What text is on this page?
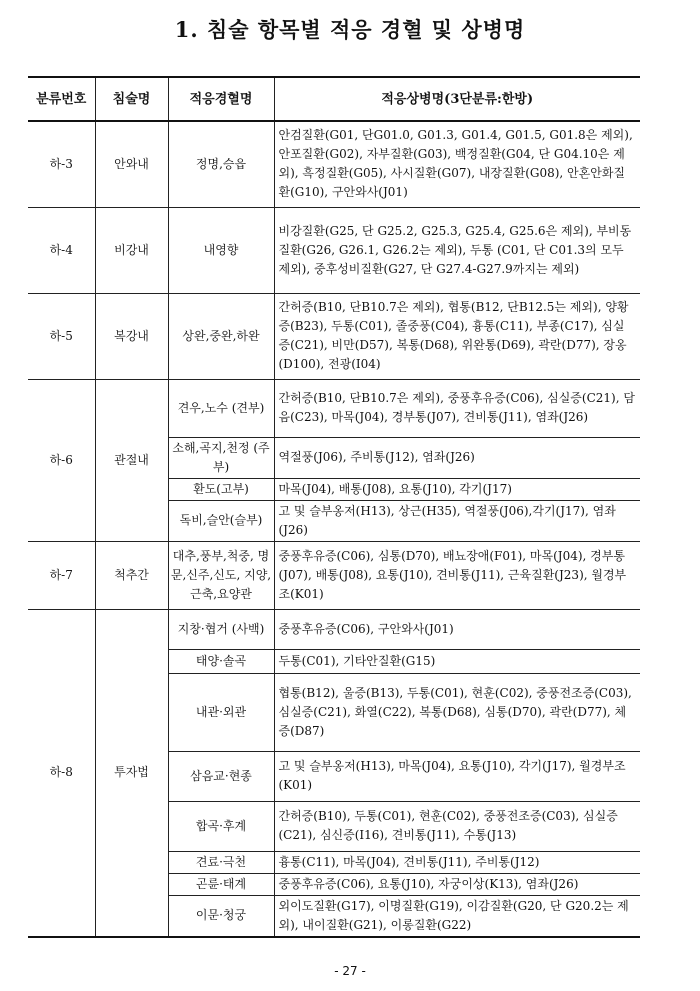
1. 침술 항목별 적응 경혈 및 상병명
분류번호	침술명	적응경혈명	적응상병명(3단분류:한방)
하-3	안와내	정명,승읍	안검질환(G01, 단G01.0, G01.3, G01.4, G01.5, G01.8은 제외), 안포질환(G02), 자부질환(G03), 백정질환(G04, 단 G04.10은 제외), 흑정질환(G05), 사시질환(G07), 내장질환(G08), 안혼안화질환(G10), 구안와사(J01)
하-4	비강내	내영향	비강질환(G25, 단 G25.2, G25.3, G25.4, G25.6은 제외), 부비동질환(G26, G26.1, G26.2는 제외), 두통 (C01, 단 C01.3의 모두 제외), 중후성비질환(G27, 단 G27.4-G27.9까지는 제외)
하-5	복강내	상완,중완,하완	간허증(B10, 단B10.7은 제외), 협통(B12, 단B12.5는 제외), 양황증(B23), 두통(C01), 졸중풍(C04), 흉통(C11), 부종(C17), 심실증(C21), 비만(D57), 복통(D68), 위완통(D69), 곽란(D77), 장옹(D100), 전광(I04)
하-6	관절내	견우,노수 (견부)	간허증(B10, 단B10.7은 제외), 중풍후유증(C06), 심실증(C21), 담음(C23), 마목(J04), 경부통(J07), 견비통(J11), 염좌(J26)
		소해,곡지,천정 (주부)	역절풍(J06), 주비통(J12), 염좌(J26)
		환도(고부)	마목(J04), 배통(J08), 요통(J10), 각기(J17)
		독비,슬안(슬부)	고 및 슬부옹저(H13), 상근(H35), 역절풍(J06),각기(J17), 염좌(J26)
하-7	척추간	대추,풍부,척중, 명문,신주,신도, 지양,근축,요양관	중풍후유증(C06), 심통(D70), 배뇨장애(F01), 마목(J04), 경부통(J07), 배통(J08), 요통(J10), 견비통(J11), 근육질환(J23), 월경부조(K01)
하-8	투자법	지창·협거 (사백)	중풍후유증(C06), 구안와사(J01)
		태양·솔곡	두통(C01), 기타안질환(G15)
		내관·외관	협통(B12), 울증(B13), 두통(C01), 현훈(C02), 중풍전조증(C03), 심실증(C21), 화열(C22), 복통(D68), 심통(D70), 곽란(D77), 체증(D87)
		삼음교·현종	고 및 슬부옹저(H13), 마목(J04), 요통(J10), 각기(J17), 월경부조(K01)
		합곡·후계	간허증(B10), 두통(C01), 현훈(C02), 중풍전조증(C03), 심실증(C21), 심신증(I16), 견비통(J11), 수통(J13)
		견료·극천	흉통(C11), 마목(J04), 견비통(J11), 주비통(J12)
		곤륜·태계	중풍후유증(C06), 요통(J10), 자궁이상(K13), 염좌(J26)
		이문·청궁	외이도질환(G17), 이명질환(G19), 이감질환(G20, 단 G20.2는 제외), 내이질환(G21), 이롱질환(G22)
- 27 -
